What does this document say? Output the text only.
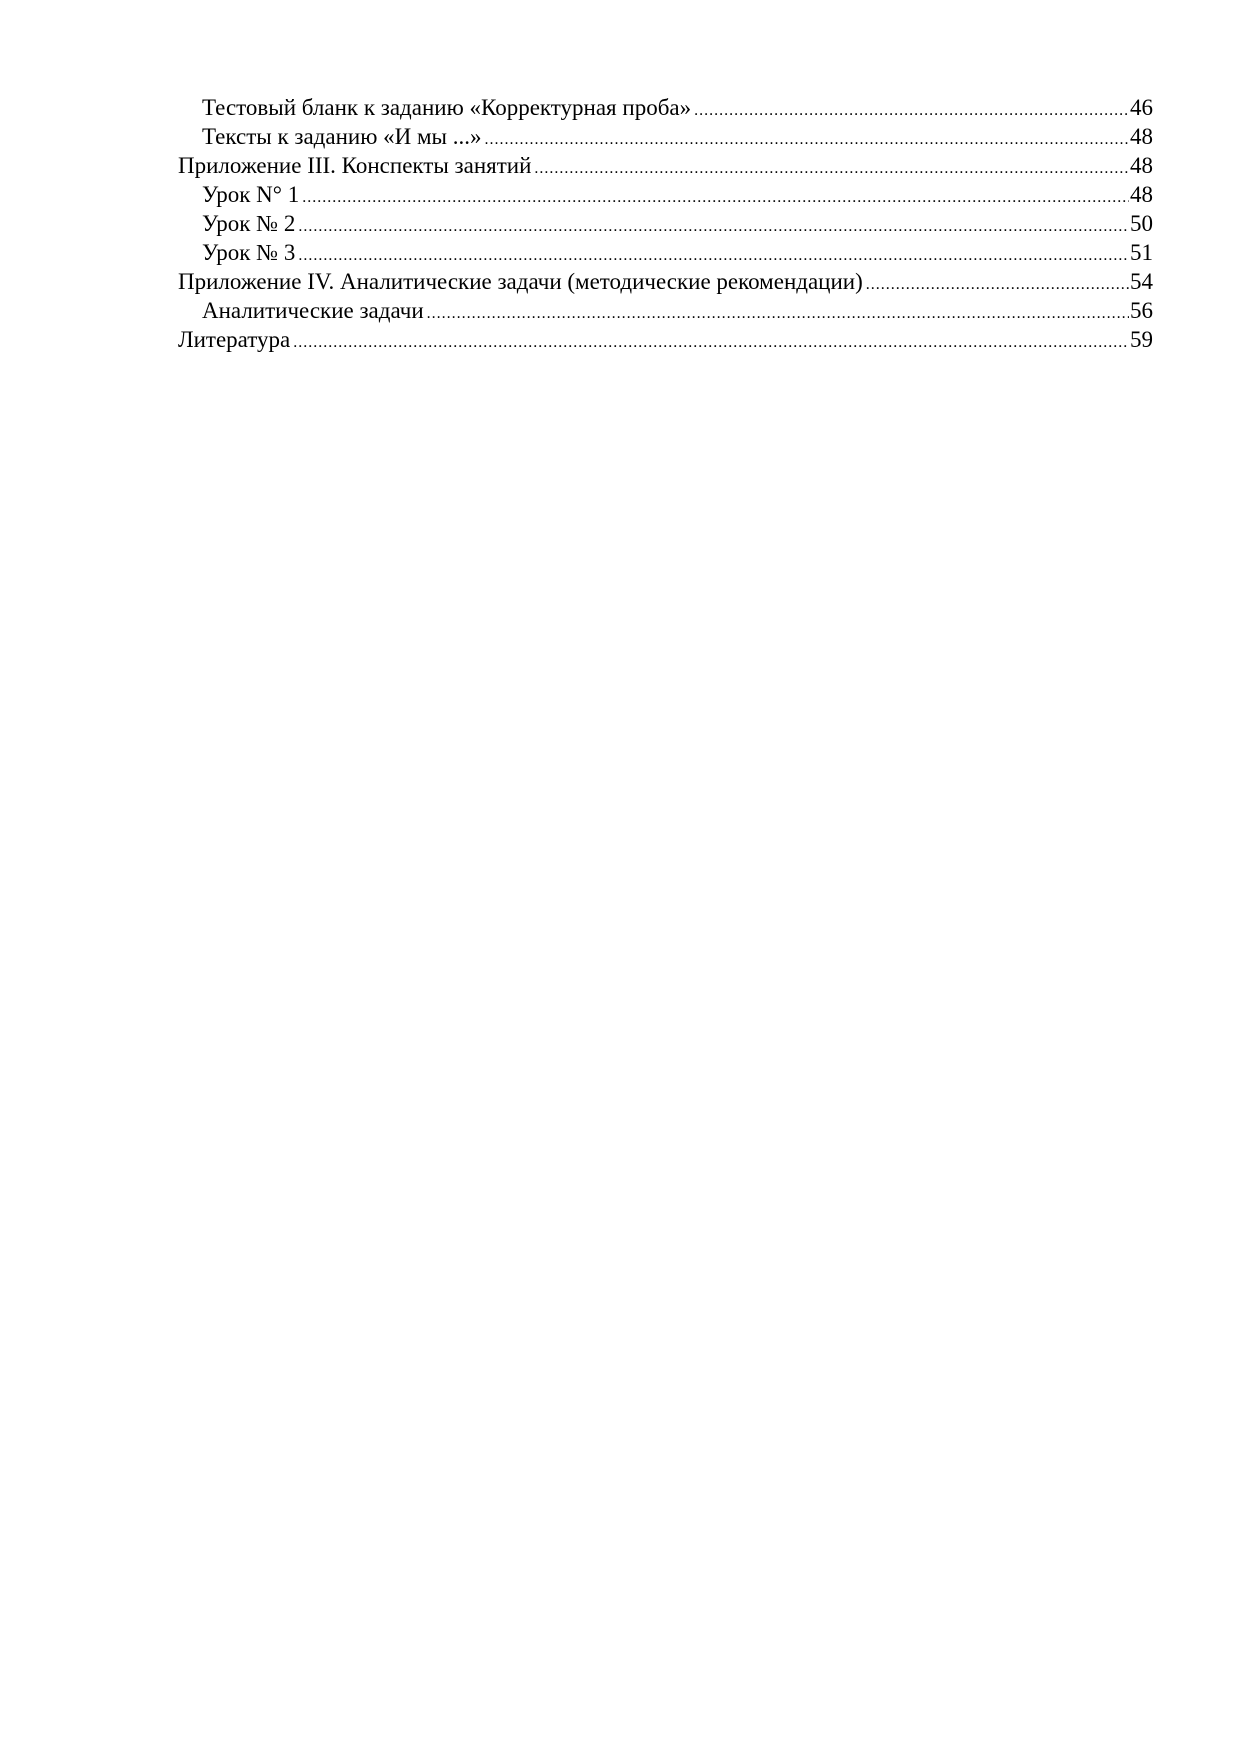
Тестовый бланк к заданию «Корректурная проба» .....	46
Тексты к заданию «И мы ...» .....	48
Приложение III. Конспекты занятий .....	48
Урок N° 1 .....	48
Урок № 2 .....	50
Урок № 3 .....	51
Приложение IV. Аналитические задачи (методические рекомендации) .....	54
Аналитические задачи .....	56
Литература .....	59
